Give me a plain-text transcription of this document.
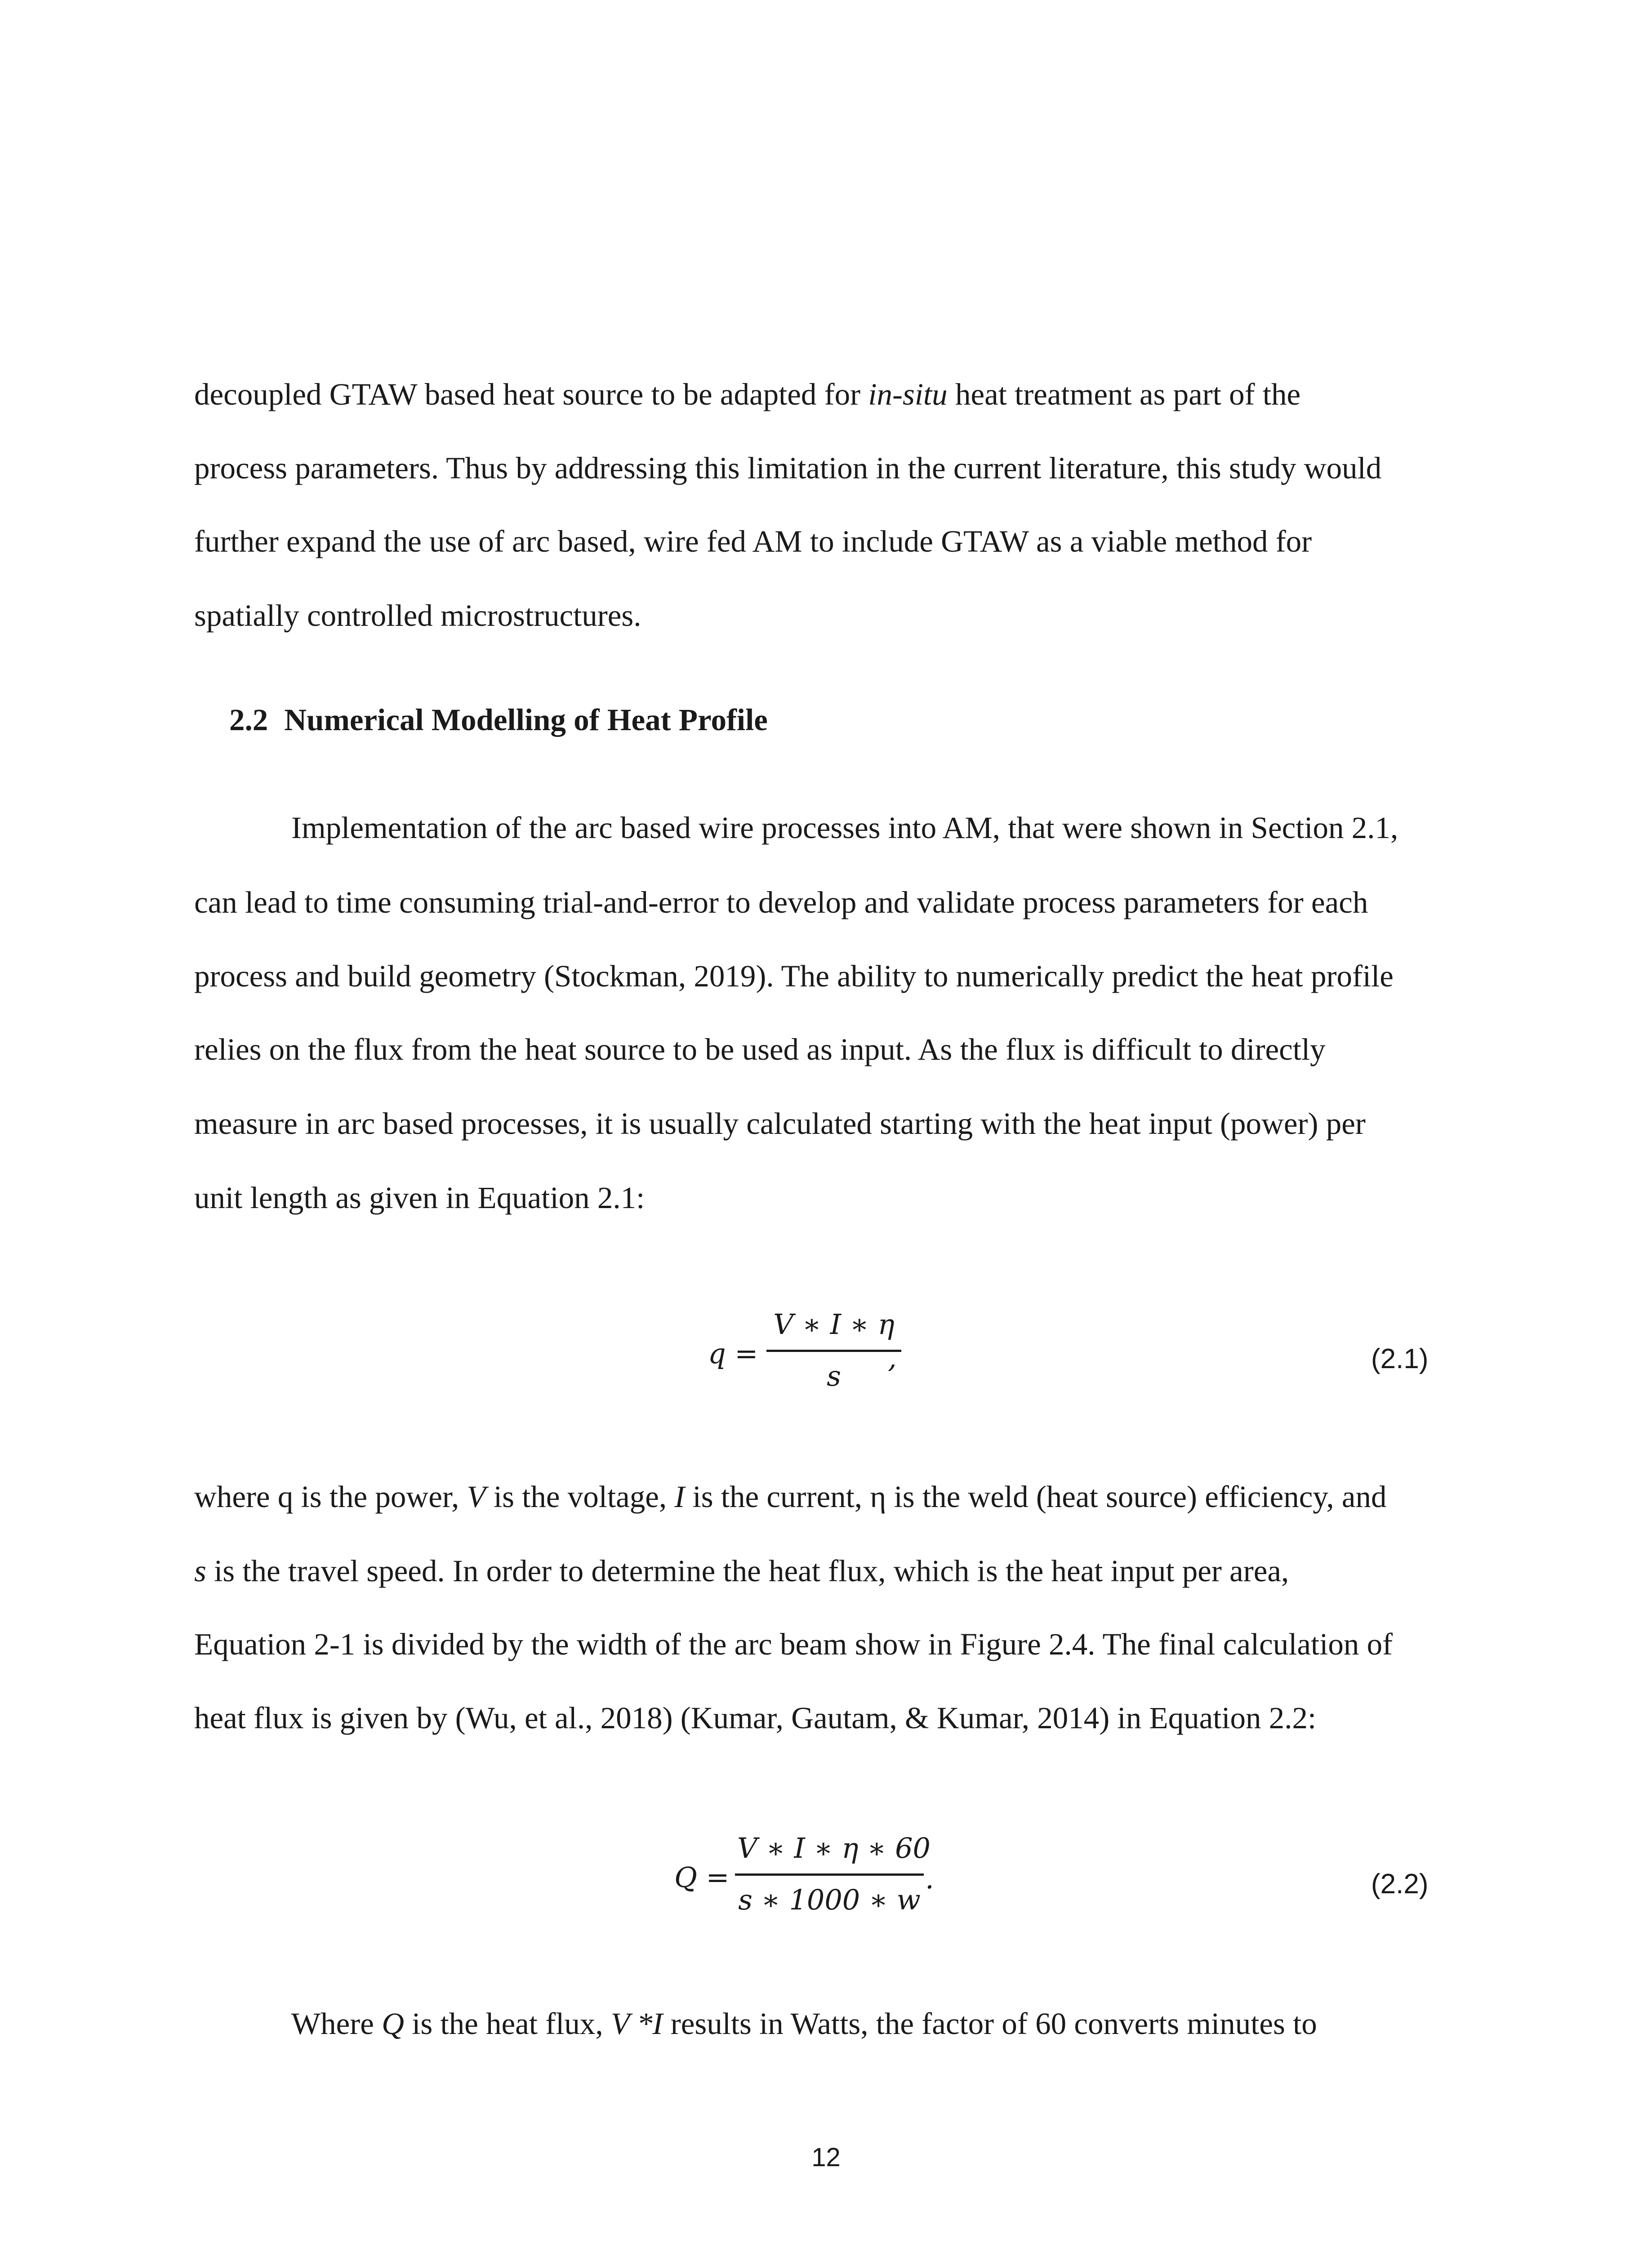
decoupled GTAW based heat source to be adapted for in-situ heat treatment as part of the
process parameters. Thus by addressing this limitation in the current literature, this study would
further expand the use of arc based, wire fed AM to include GTAW as a viable method for
spatially controlled microstructures.
2.2 Numerical Modelling of Heat Profile
Implementation of the arc based wire processes into AM, that were shown in Section 2.1,
can lead to time consuming trial-and-error to develop and validate process parameters for each
process and build geometry (Stockman, 2019). The ability to numerically predict the heat profile
relies on the flux from the heat source to be used as input. As the flux is difficult to directly
measure in arc based processes, it is usually calculated starting with the heat input (power) per
unit length as given in Equation 2.1:
q =
V ∗ I ∗ η
s
,	(2.1)
where q is the power, V is the voltage, I is the current, η is the weld (heat source) efficiency, and
s is the travel speed. In order to determine the heat flux, which is the heat input per area,
Equation 2-1 is divided by the width of the arc beam show in Figure 2.4. The final calculation of
heat flux is given by (Wu, et al., 2018) (Kumar, Gautam, & Kumar, 2014) in Equation 2.2:
Q =
V ∗ I ∗ η ∗ 60
s ∗ 1000 ∗ w
.	(2.2)
Where Q is the heat flux, V *I results in Watts, the factor of 60 converts minutes to
12
